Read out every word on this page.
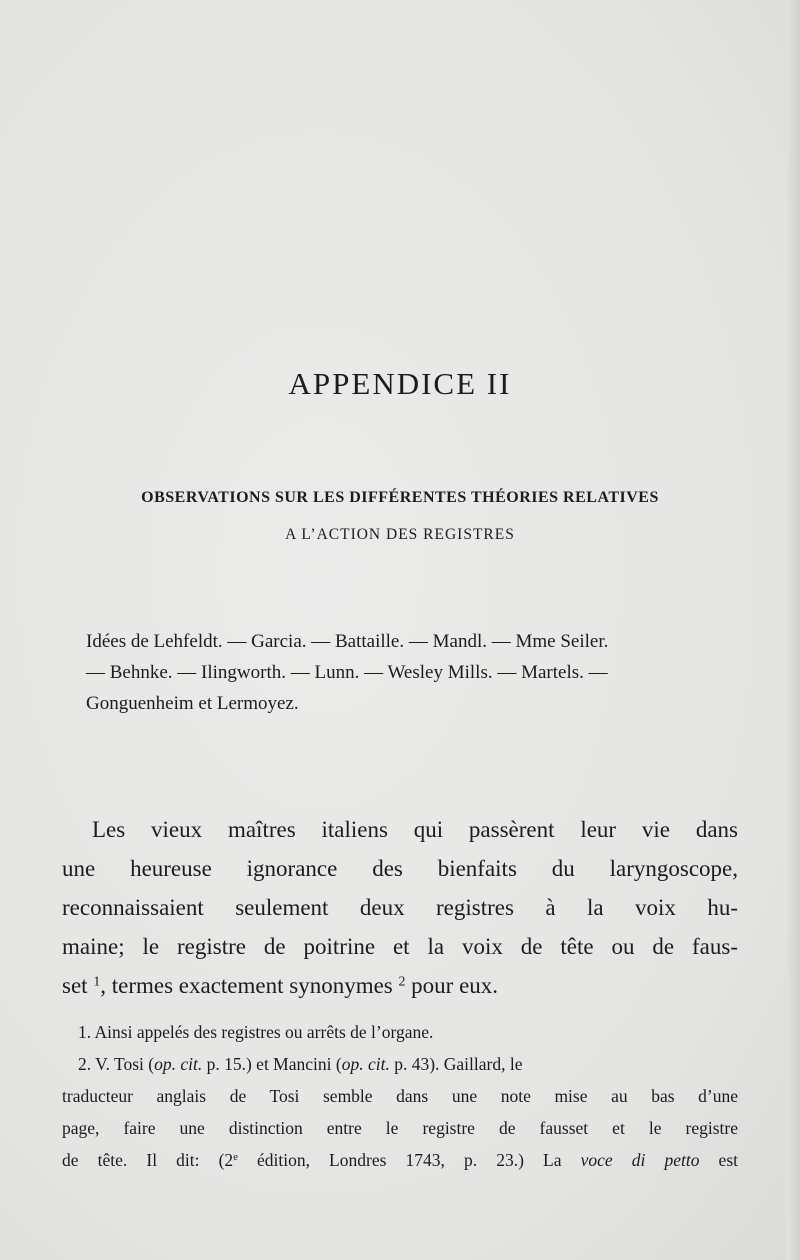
APPENDICE II
OBSERVATIONS SUR LES DIFFÉRENTES THÉORIES RELATIVES
A L’ACTION DES REGISTRES
Idées de Lehfeldt. — Garcia. — Battaille. — Mandl. — Mme Seiler.
— Behnke. — Ilingworth. — Lunn. — Wesley Mills. — Martels. —
Gonguenheim et Lermoyez.
Les vieux maîtres italiens qui passèrent leur vie dans
une heureuse ignorance des bienfaits du laryngoscope,
reconnaissaient seulement deux registres à la voix hu-
maine; le registre de poitrine et la voix de tête ou de faus-
set $^1$, termes exactement synonymes $^2$ pour eux.
1. Ainsi appelés des registres ou arrêts de l’organe.
2. V. Tosi (op. cit. p. 15.) et Mancini (op. cit. p. 43). Gaillard, le
traducteur anglais de Tosi semble dans une note mise au bas d’une
page, faire une distinction entre le registre de fausset et le registre
de tête. Il dit: (2e édition, Londres 1743, p. 23.) La voce di petto est
